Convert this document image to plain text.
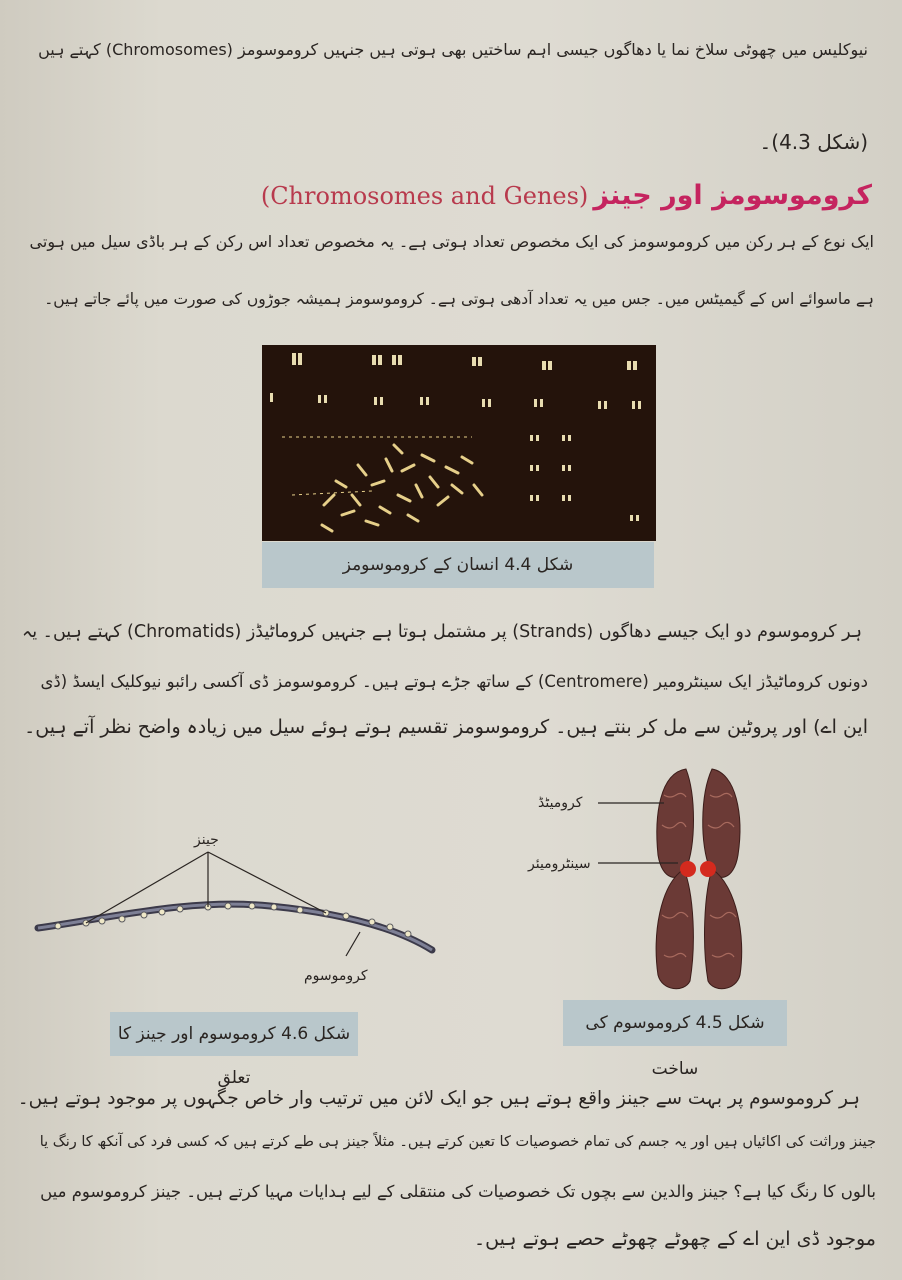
نیوکلیس میں چھوٹی سلاخ نما یا دھاگوں جیسی اہم ساختیں بھی ہوتی ہیں جنہیں کروموسومز (Chromosomes) کہتے ہیں

(شکل 4.3)۔

کروموسومز اور جینز (Chromosomes and Genes)

ایک نوع کے ہر رکن میں کروموسومز کی ایک مخصوص تعداد ہوتی ہے۔ یہ مخصوص تعداد اس رکن کے ہر باڈی سیل میں ہوتی

ہے ماسوائے اس کے گیمیٹس میں۔ جس میں یہ تعداد آدھی ہوتی ہے۔ کروموسومز ہمیشہ جوڑوں کی صورت میں پائے جاتے ہیں۔

شکل 4.4 انسان کے کروموسومز

ہر کروموسوم دو ایک جیسے دھاگوں (Strands) پر مشتمل ہوتا ہے جنہیں کروماٹیڈز (Chromatids) کہتے ہیں۔ یہ

دونوں کروماٹیڈز ایک سینٹرومیر (Centromere) کے ساتھ جڑے ہوتے ہیں۔ کروموسومز ڈی آکسی رائبو نیوکلیک ایسڈ (ڈی

این اے) اور پروٹین سے مل کر بنتے ہیں۔ کروموسومز تقسیم ہوتے ہوئے سیل میں زیادہ واضح نظر آتے ہیں۔

جینز
کروموسوم
شکل 4.6 کروموسوم اور جینز کا تعلق
کرومیٹڈ
سینٹرومیئر
شکل 4.5 کروموسوم کی ساخت

ہر کروموسوم پر بہت سے جینز واقع ہوتے ہیں جو ایک لائن میں ترتیب وار خاص جگہوں پر موجود ہوتے ہیں۔

جینز وراثت کی اکائیاں ہیں اور یہ جسم کی تمام خصوصیات کا تعین کرتے ہیں۔ مثلاً جینز ہی طے کرتے ہیں کہ کسی فرد کی آنکھ کا رنگ یا

بالوں کا رنگ کیا ہے؟ جینز والدین سے بچوں تک خصوصیات کی منتقلی کے لیے ہدایات مہیا کرتے ہیں۔ جینز کروموسوم میں

موجود ڈی این اے کے چھوٹے چھوٹے حصے ہوتے ہیں۔
